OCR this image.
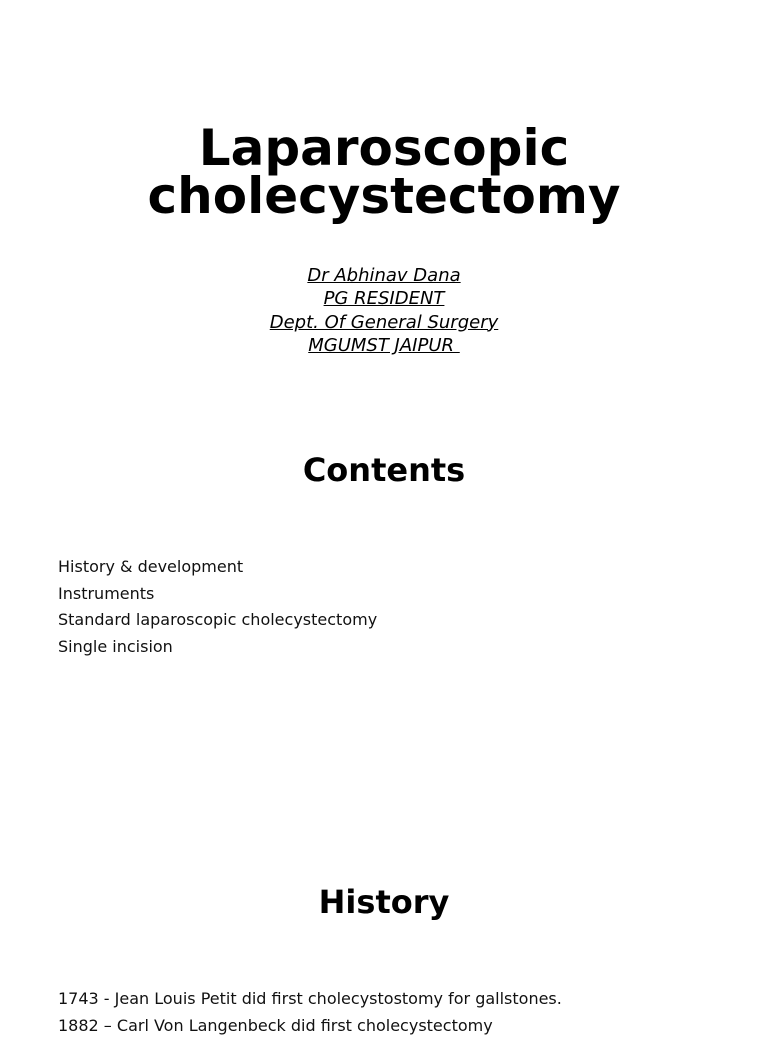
Laparoscopic
cholecystectomy
Dr Abhinav Dana
PG RESIDENT
Dept. Of General Surgery
MGUMST JAIPUR
Contents
History & development
Instruments
Standard laparoscopic cholecystectomy
Single incision
History
1743 - Jean Louis Petit did first cholecystostomy for gallstones.
1882 – Carl Von Langenbeck did first cholecystectomy
